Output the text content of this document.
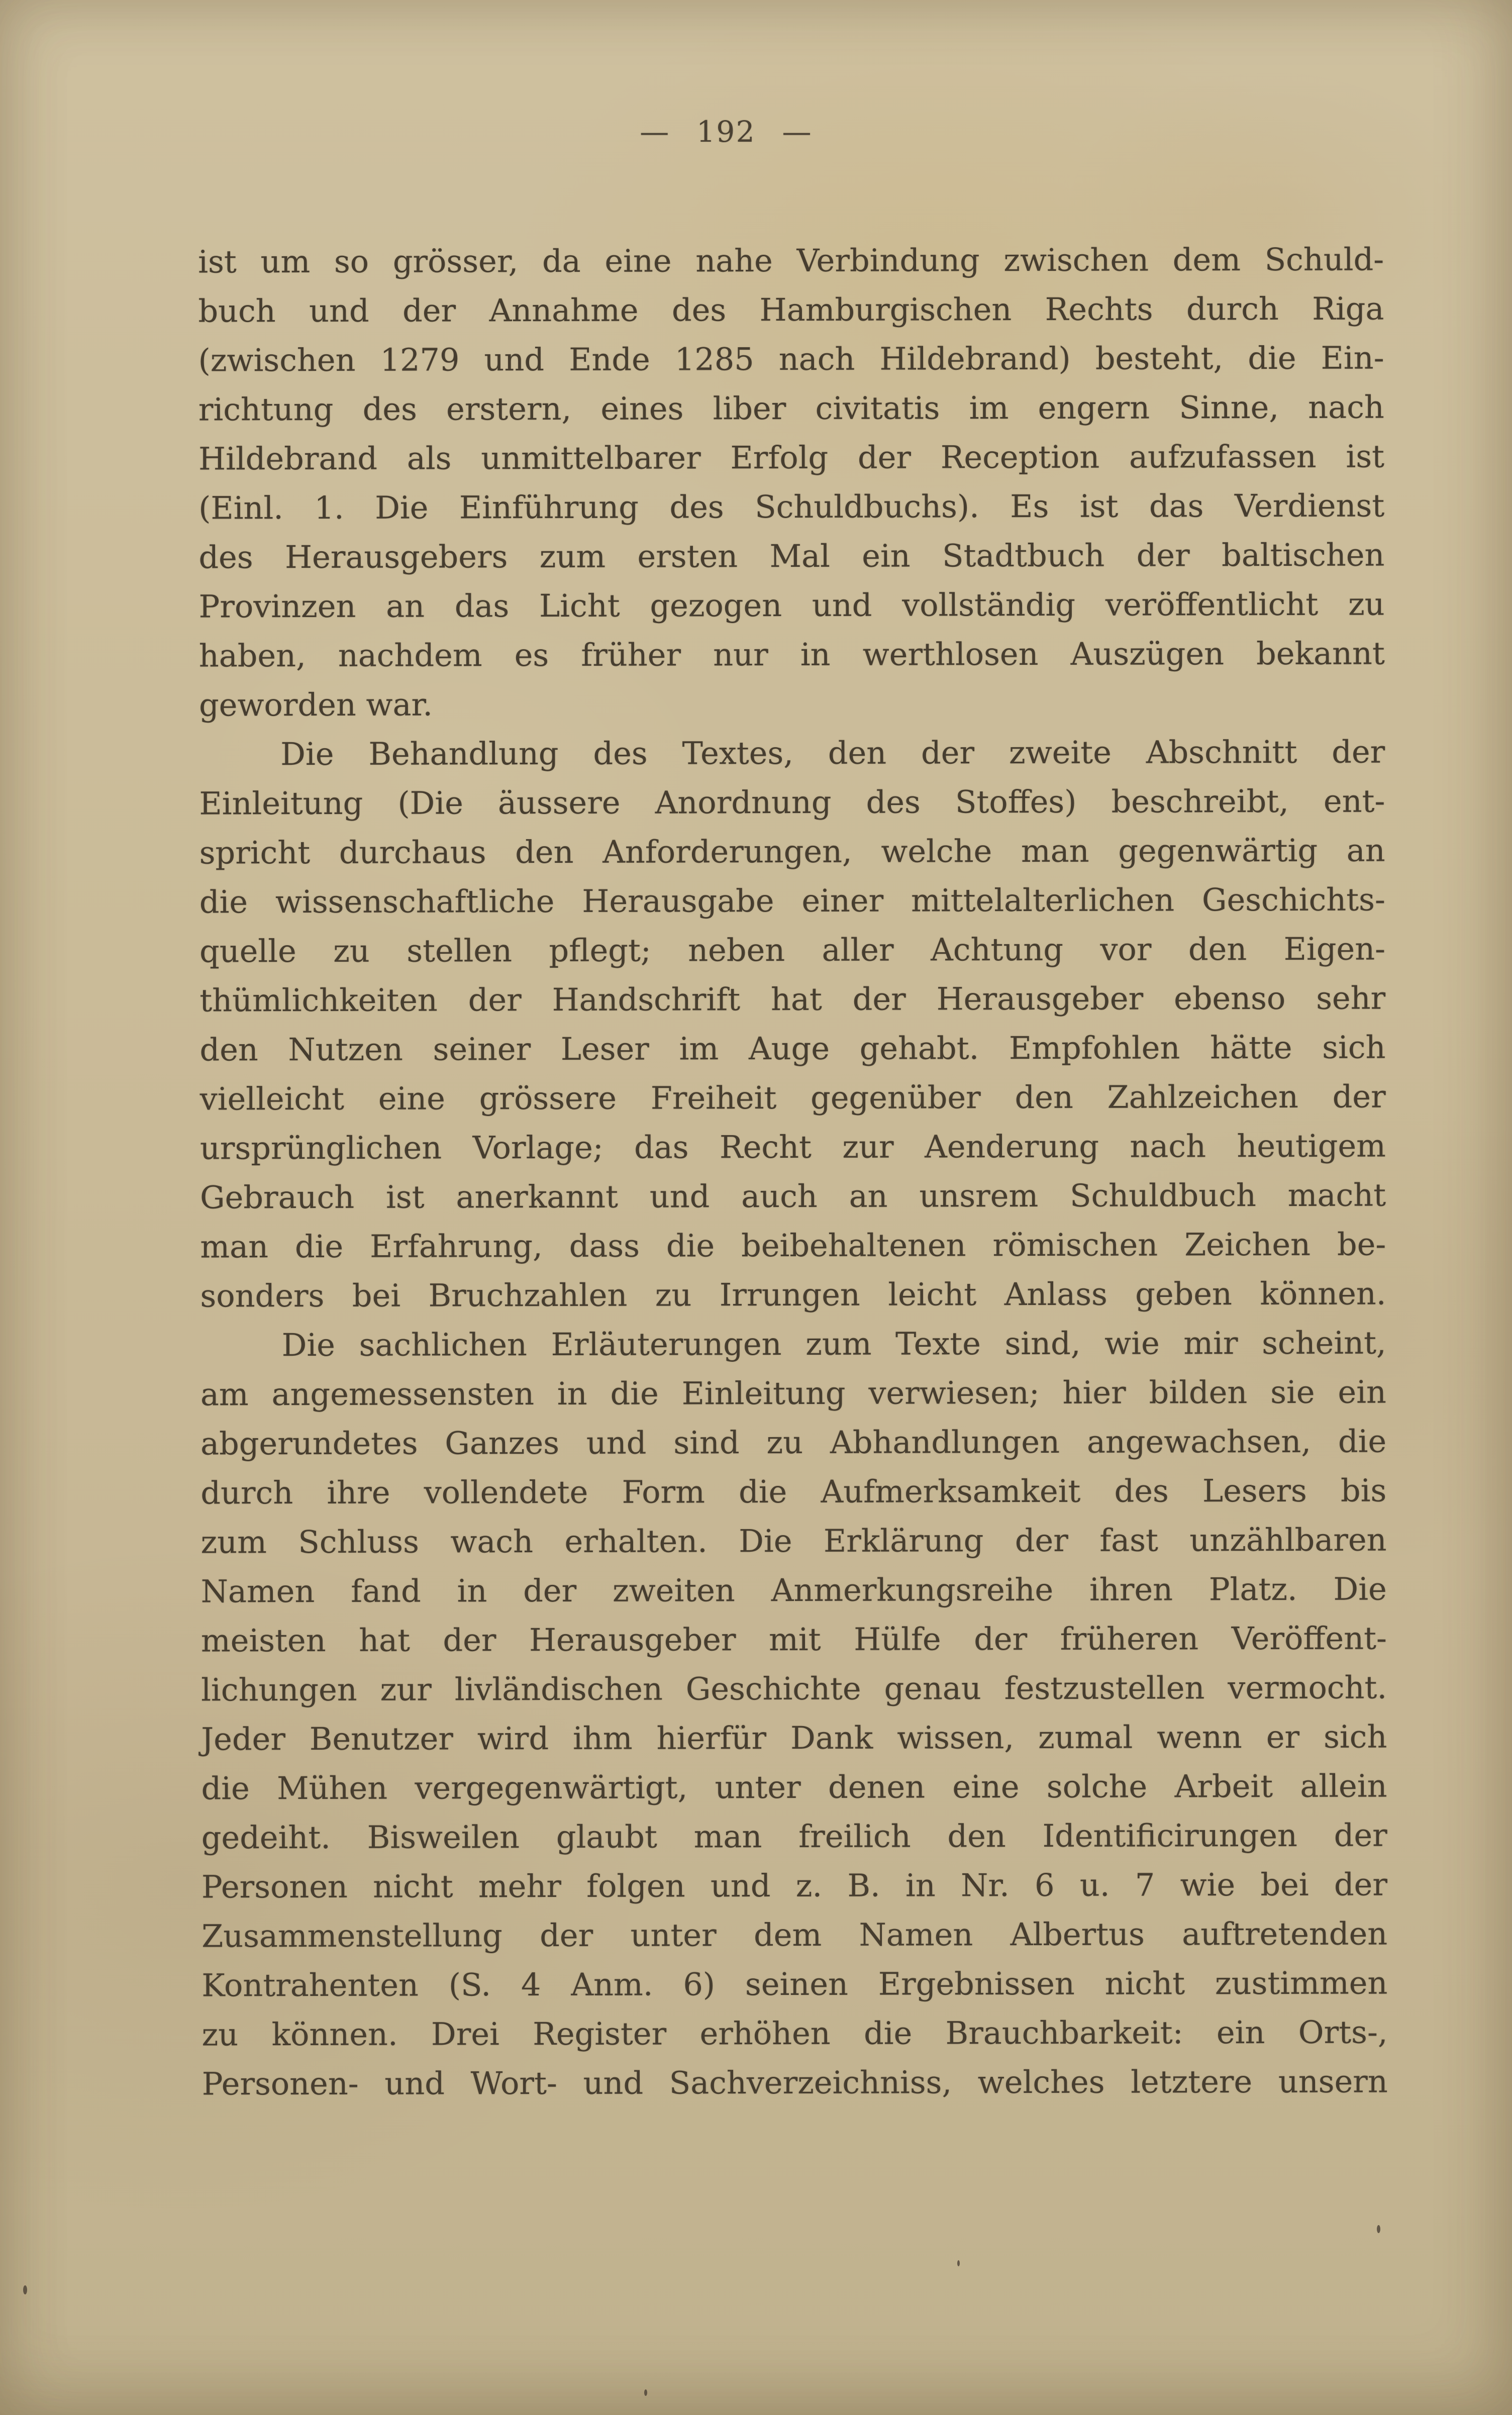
— 192 —
ist um so grösser, da eine nahe Verbindung zwischen dem Schuld-
buch und der Annahme des Hamburgischen Rechts durch Riga
(zwischen 1279 und Ende 1285 nach Hildebrand) besteht, die Ein-
richtung des erstern, eines liber civitatis im engern Sinne, nach
Hildebrand als unmittelbarer Erfolg der Reception aufzufassen ist
(Einl. 1. Die Einführung des Schuldbuchs). Es ist das Verdienst
des Herausgebers zum ersten Mal ein Stadtbuch der baltischen
Provinzen an das Licht gezogen und vollständig veröffentlicht zu
haben, nachdem es früher nur in werthlosen Auszügen bekannt
geworden war.
Die Behandlung des Textes, den der zweite Abschnitt der
Einleitung (Die äussere Anordnung des Stoffes) beschreibt, ent-
spricht durchaus den Anforderungen, welche man gegenwärtig an
die wissenschaftliche Herausgabe einer mittelalterlichen Geschichts-
quelle zu stellen pflegt; neben aller Achtung vor den Eigen-
thümlichkeiten der Handschrift hat der Herausgeber ebenso sehr
den Nutzen seiner Leser im Auge gehabt. Empfohlen hätte sich
vielleicht eine grössere Freiheit gegenüber den Zahlzeichen der
ursprünglichen Vorlage; das Recht zur Aenderung nach heutigem
Gebrauch ist anerkannt und auch an unsrem Schuldbuch macht
man die Erfahrung, dass die beibehaltenen römischen Zeichen be-
sonders bei Bruchzahlen zu Irrungen leicht Anlass geben können.
Die sachlichen Erläuterungen zum Texte sind, wie mir scheint,
am angemessensten in die Einleitung verwiesen; hier bilden sie ein
abgerundetes Ganzes und sind zu Abhandlungen angewachsen, die
durch ihre vollendete Form die Aufmerksamkeit des Lesers bis
zum Schluss wach erhalten. Die Erklärung der fast unzählbaren
Namen fand in der zweiten Anmerkungsreihe ihren Platz. Die
meisten hat der Herausgeber mit Hülfe der früheren Veröffent-
lichungen zur livländischen Geschichte genau festzustellen vermocht.
Jeder Benutzer wird ihm hierfür Dank wissen, zumal wenn er sich
die Mühen vergegenwärtigt, unter denen eine solche Arbeit allein
gedeiht. Bisweilen glaubt man freilich den Identificirungen der
Personen nicht mehr folgen und z. B. in Nr. 6 u. 7 wie bei der
Zusammenstellung der unter dem Namen Albertus auftretenden
Kontrahenten (S. 4 Anm. 6) seinen Ergebnissen nicht zustimmen
zu können. Drei Register erhöhen die Brauchbarkeit: ein Orts-,
Personen- und Wort- und Sachverzeichniss, welches letztere unsern
